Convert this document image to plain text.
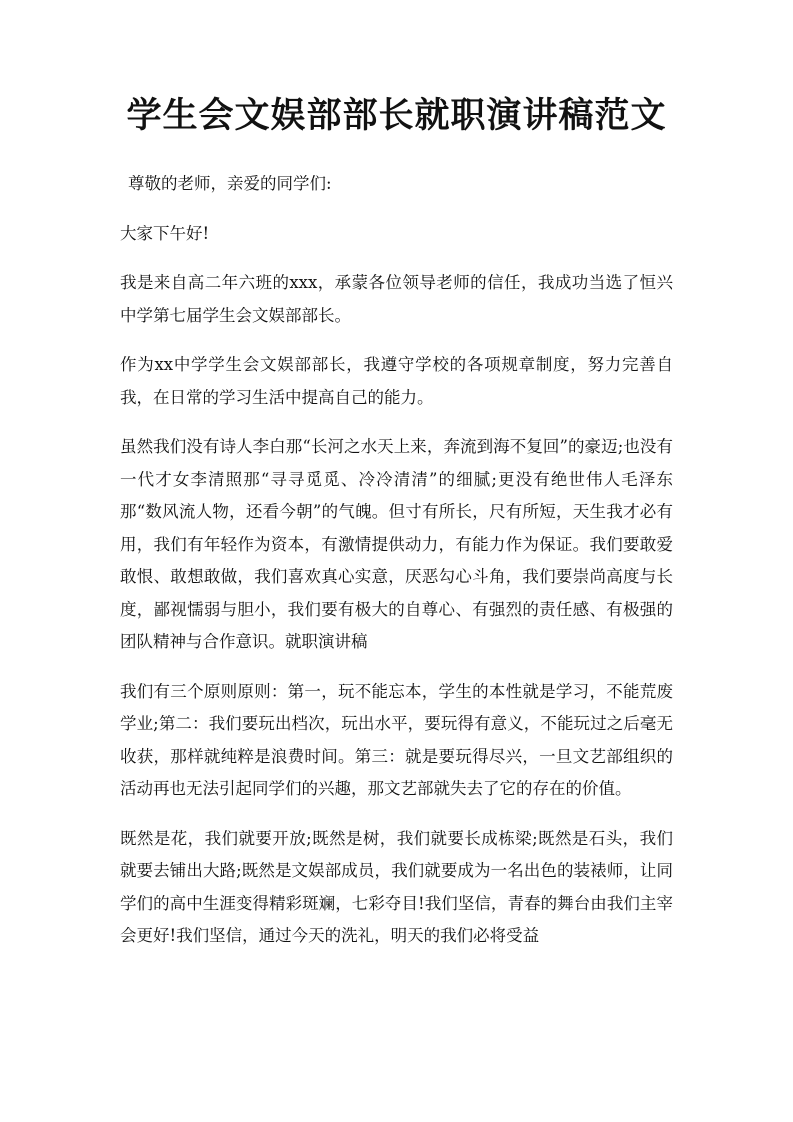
学生会文娱部部长就职演讲稿范文

尊敬的老师，亲爱的同学们:

大家下午好!

我是来自高二年六班的xxx，承蒙各位领导老师的信任，我成功当选了恒兴中学第七届学生会文娱部部长。

作为xx中学学生会文娱部部长，我遵守学校的各项规章制度，努力完善自我，在日常的学习生活中提高自己的能力。

虽然我们没有诗人李白那“长河之水天上来，奔流到海不复回”的豪迈;也没有一代才女李清照那“寻寻觅觅、冷冷清清”的细腻;更没有绝世伟人毛泽东那“数风流人物，还看今朝”的气魄。但寸有所长，尺有所短，天生我才必有用，我们有年轻作为资本，有激情提供动力，有能力作为保证。我们要敢爱敢恨、敢想敢做，我们喜欢真心实意，厌恶勾心斗角，我们要崇尚高度与长度，鄙视懦弱与胆小，我们要有极大的自尊心、有强烈的责任感、有极强的团队精神与合作意识。就职演讲稿

我们有三个原则原则：第一，玩不能忘本，学生的本性就是学习，不能荒废学业;第二：我们要玩出档次，玩出水平，要玩得有意义，不能玩过之后毫无收获，那样就纯粹是浪费时间。第三：就是要玩得尽兴，一旦文艺部组织的活动再也无法引起同学们的兴趣，那文艺部就失去了它的存在的价值。

既然是花，我们就要开放;既然是树，我们就要长成栋梁;既然是石头，我们就要去铺出大路;既然是文娱部成员，我们就要成为一名出色的装裱师，让同学们的高中生涯变得精彩斑斓，七彩夺目!我们坚信，青春的舞台由我们主宰会更好!我们坚信，通过今天的洗礼，明天的我们必将受益
